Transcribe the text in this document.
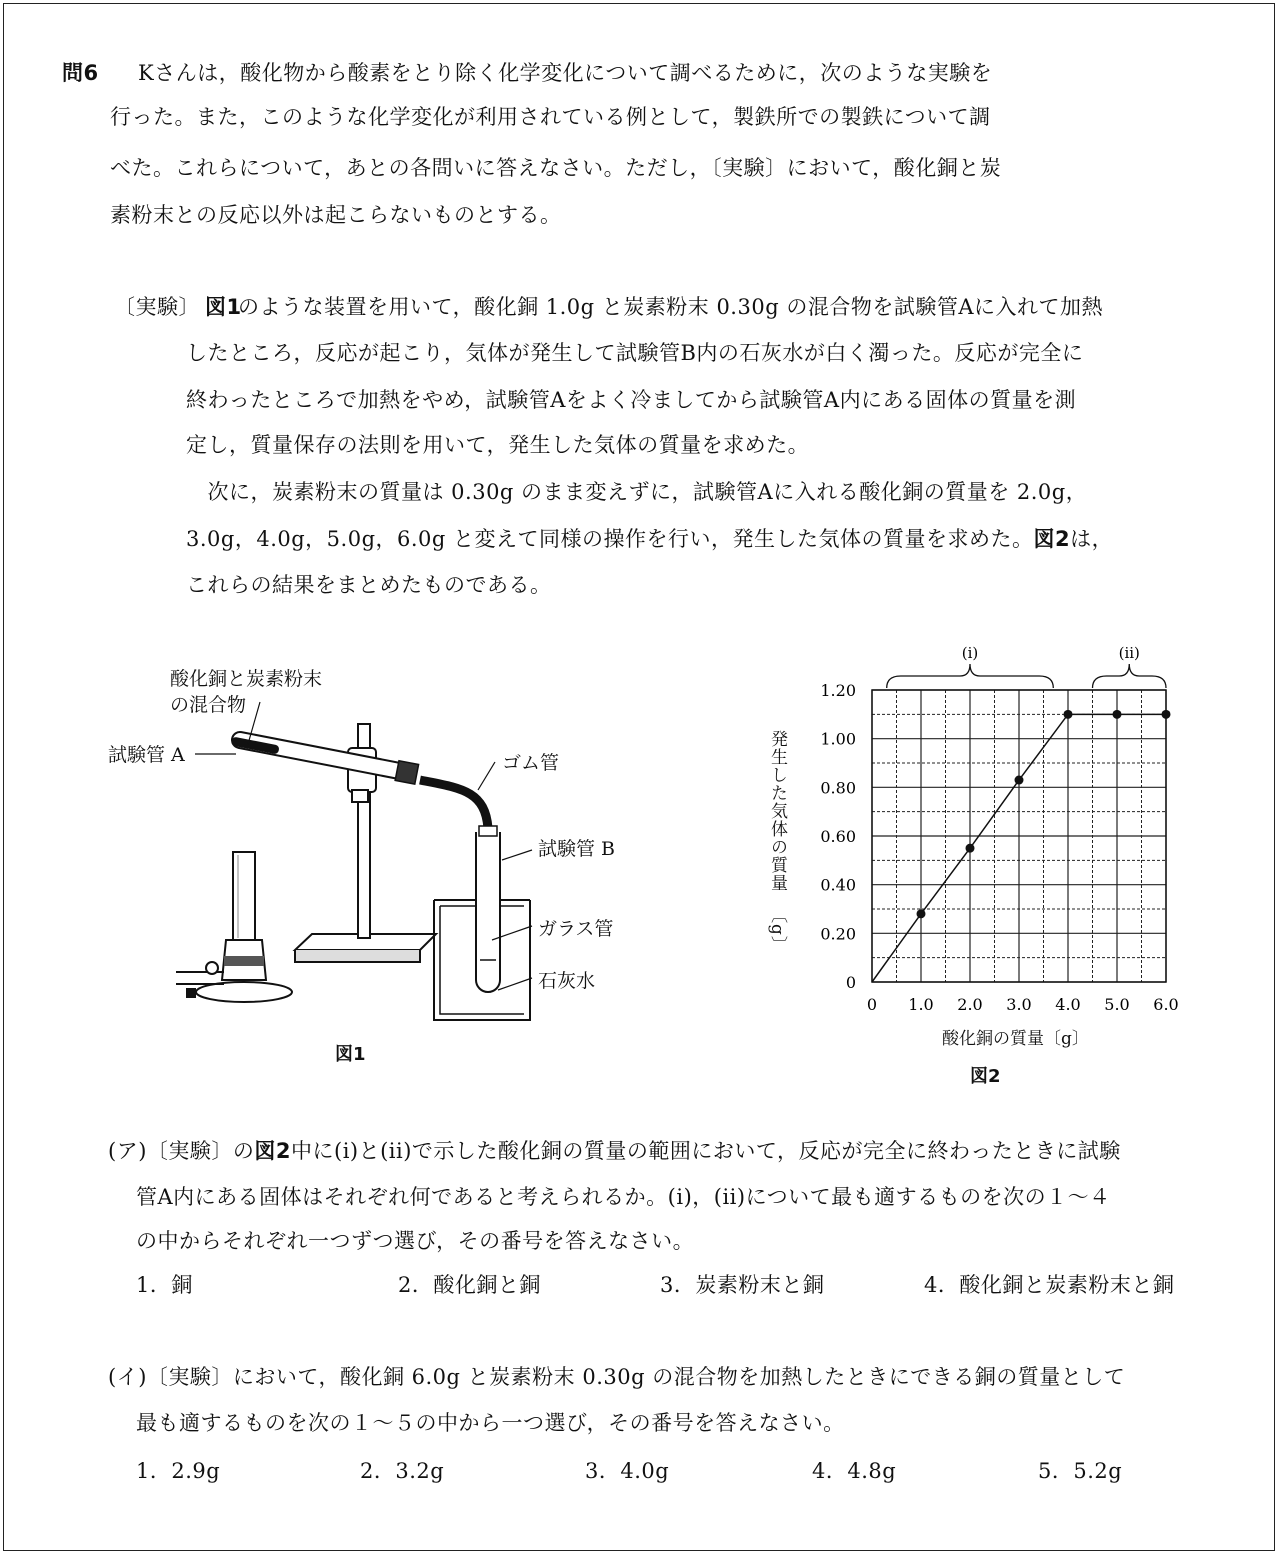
問6 Kさんは，酸化物から酸素をとり除く化学変化について調べるために，次のような実験を
行った。また，このような化学変化が利用されている例として，製鉄所での製鉄について調
べた。これらについて，あとの各問いに答えなさい。ただし，〔実験〕において，酸化銅と炭
素粉末との反応以外は起こらないものとする。
〔実験〕 図1
のような装置を用いて，酸化銅 1.0g と炭素粉末 0.30g の混合物を試験管Aに入れて加熱
したところ，反応が起こり，気体が発生して試験管B内の石灰水が白く濁った。反応が完全に
終わったところで加熱をやめ，試験管Aをよく冷ましてから試験管A内にある固体の質量を測
定し，質量保存の法則を用いて，発生した気体の質量を求めた。
　次に，炭素粉末の質量は 0.30g のまま変えずに，試験管Aに入れる酸化銅の質量を 2.0g，
3.0g，4.0g，5.0g，6.0g と変えて同様の操作を行い，発生した気体の質量を求めた。図2は，
これらの結果をまとめたものである。
酸化銅と炭素粉末
の混合物
試験管 A	ゴム管
試験管 B
ガラス管
石灰水
図1
0
0.20
0.40
0.60
0.80
1.00
1.20
0 1.0 2.0 3.0 4.0 5.0 6.0
(i)	(ii)
発生した気体の質量
〔g〕
酸化銅の質量〔g〕
図2
(ア)〔実験〕の図2中に(i)と(ii)で示した酸化銅の質量の範囲において，反応が完全に終わったときに試験
管A内にある固体はそれぞれ何であると考えられるか。(i)，(ii)について最も適するものを次の１～４
の中からそれぞれ一つずつ選び，その番号を答えなさい。
1．銅	2．酸化銅と銅	3．炭素粉末と銅	4．酸化銅と炭素粉末と銅
(イ)〔実験〕において，酸化銅 6.0g と炭素粉末 0.30g の混合物を加熱したときにできる銅の質量として
最も適するものを次の１～５の中から一つ選び，その番号を答えなさい。
1．2.9g	2．3.2g	3．4.0g	4．4.8g	5．5.2g
